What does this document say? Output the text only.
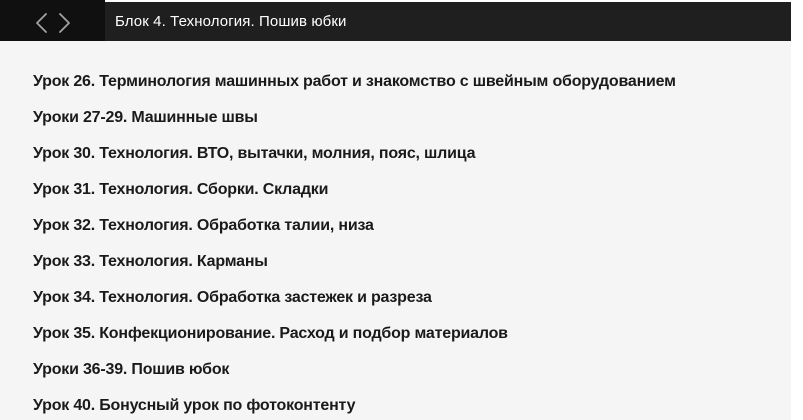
Блок 4. Технология. Пошив юбки
Урок 26. Терминология машинных работ и знакомство с швейным оборудованием
Уроки 27-29. Машинные швы
Урок 30. Технология. ВТО, вытачки, молния, пояс, шлица
Урок 31. Технология. Сборки. Складки
Урок 32. Технология. Обработка талии, низа
Урок 33. Технология. Карманы
Урок 34. Технология. Обработка застежек и разреза
Урок 35. Конфекционирование. Расход и подбор материалов
Уроки 36-39. Пошив юбок
Урок 40. Бонусный урок по фотоконтенту
